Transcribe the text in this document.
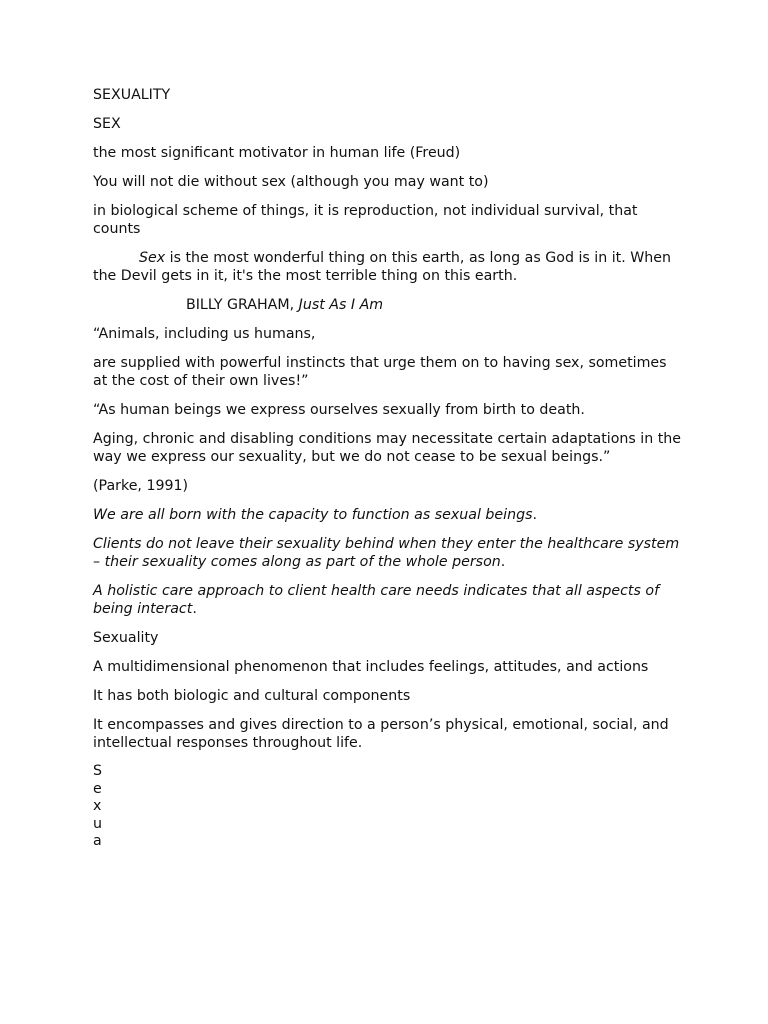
SEXUALITY

SEX

the most significant motivator in human life (Freud)

You will not die without sex (although you may want to)

in biological scheme of things, it is reproduction, not individual survival, that counts

Sex is the most wonderful thing on this earth, as long as God is in it. When the Devil gets in it, it's the most terrible thing on this earth.

BILLY GRAHAM, Just As I Am

“Animals, including us humans,

are supplied with powerful instincts that urge them on to having sex, sometimes at the cost of their own lives!”

“As human beings we express ourselves sexually from birth to death.

Aging, chronic and disabling conditions may necessitate certain adaptations in the way we express our sexuality, but we do not cease to be sexual beings.”

(Parke, 1991)

We are all born with the capacity to function as sexual beings.

Clients do not leave their sexuality behind when they enter the healthcare system – their sexuality comes along as part of the whole person.

A holistic care approach to client health care needs indicates that all aspects of being interact.

Sexuality

A multidimensional phenomenon that includes feelings, attitudes, and actions

It has both biologic and cultural components

It encompasses and gives direction to a person’s physical, emotional, social, and intellectual responses throughout life.

S
e
x
u
a
